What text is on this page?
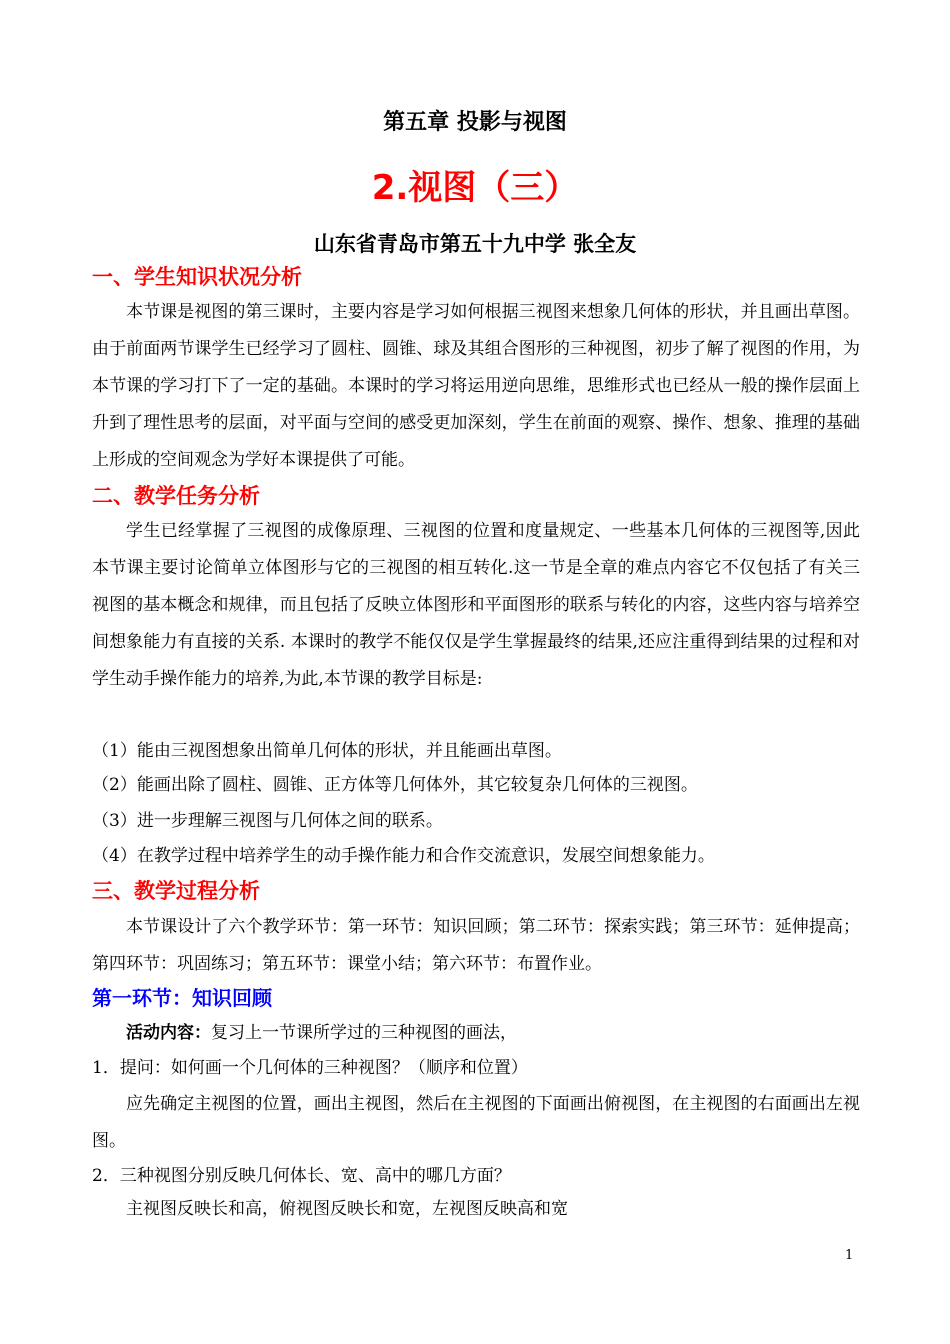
第五章 投影与视图
2.视图（三）
山东省青岛市第五十九中学 张全友
一、学生知识状况分析
本节课是视图的第三课时，主要内容是学习如何根据三视图来想象几何体的形状，并且画出草图。由于前面两节课学生已经学习了圆柱、圆锥、球及其组合图形的三种视图，初步了解了视图的作用，为本节课的学习打下了一定的基础。本课时的学习将运用逆向思维，思维形式也已经从一般的操作层面上升到了理性思考的层面，对平面与空间的感受更加深刻，学生在前面的观察、操作、想象、推理的基础上形成的空间观念为学好本课提供了可能。
二、教学任务分析
学生已经掌握了三视图的成像原理、三视图的位置和度量规定、一些基本几何体的三视图等,因此本节课主要讨论简单立体图形与它的三视图的相互转化.这一节是全章的难点内容它不仅包括了有关三视图的基本概念和规律，而且包括了反映立体图形和平面图形的联系与转化的内容，这些内容与培养空间想象能力有直接的关系. 本课时的教学不能仅仅是学生掌握最终的结果,还应注重得到结果的过程和对学生动手操作能力的培养,为此,本节课的教学目标是:
（1）能由三视图想象出简单几何体的形状，并且能画出草图。
（2）能画出除了圆柱、圆锥、正方体等几何体外，其它较复杂几何体的三视图。
（3）进一步理解三视图与几何体之间的联系。
（4）在教学过程中培养学生的动手操作能力和合作交流意识，发展空间想象能力。
三、教学过程分析
本节课设计了六个教学环节：第一环节：知识回顾；第二环节：探索实践；第三环节：延伸提高；第四环节：巩固练习；第五环节：课堂小结；第六环节：布置作业。
第一环节：知识回顾
活动内容：复习上一节课所学过的三种视图的画法，
1．提问：如何画一个几何体的三种视图？（顺序和位置）
应先确定主视图的位置，画出主视图，然后在主视图的下面画出俯视图，在主视图的右面画出左视图。
2．三种视图分别反映几何体长、宽、高中的哪几方面？
主视图反映长和高，俯视图反映长和宽，左视图反映高和宽
1
